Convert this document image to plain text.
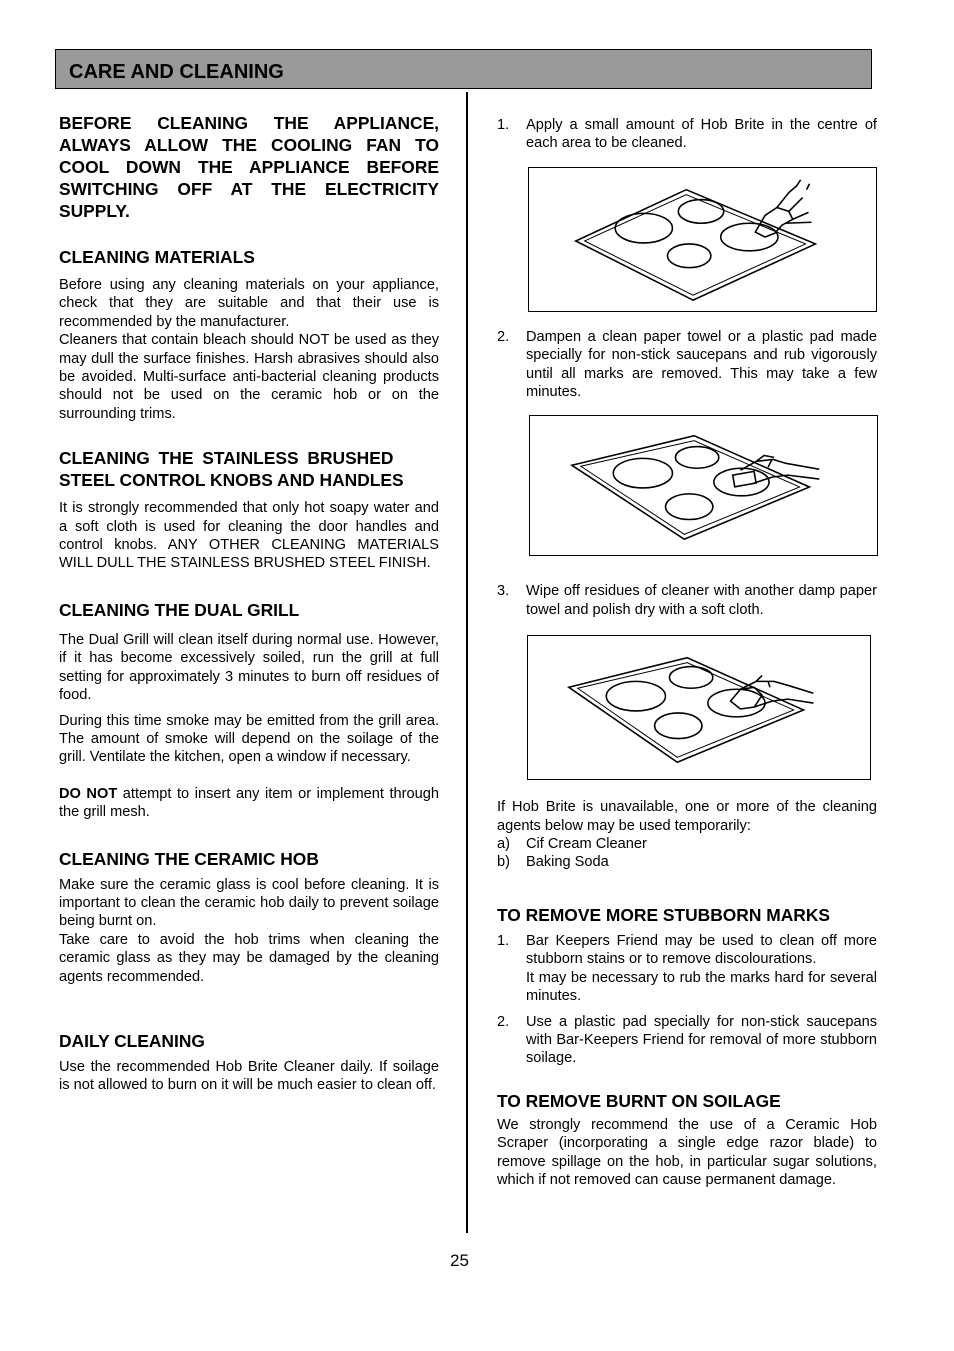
CARE AND CLEANING

BEFORE CLEANING THE APPLIANCE, ALWAYS ALLOW THE COOLING FAN TO COOL DOWN THE APPLIANCE BEFORE SWITCHING OFF AT THE ELECTRICITY SUPPLY.

CLEANING MATERIALS

Before using any cleaning materials on your appliance, check that they are suitable and that their use is recommended by the manufacturer.

Cleaners that contain bleach should NOT be used as they may dull the surface finishes. Harsh abrasives should also be avoided. Multi-surface anti-bacterial cleaning products should not be used on the ceramic hob or on the surrounding trims.

CLEANING THE STAINLESS BRUSHED
STEEL CONTROL KNOBS AND HANDLES

It is strongly recommended that only hot soapy water and a soft cloth is used for cleaning the door handles and control knobs. ANY OTHER CLEANING MATERIALS WILL DULL THE STAINLESS BRUSHED STEEL FINISH.

CLEANING THE DUAL GRILL

The Dual Grill will clean itself during normal use. However, if it has become excessively soiled, run the grill at full setting for approximately 3 minutes to burn off residues of food.

During this time smoke may be emitted from the grill area. The amount of smoke will depend on the soilage of the grill. Ventilate the kitchen, open a window if necessary.

DO NOT attempt to insert any item or implement through the grill mesh.

CLEANING THE CERAMIC HOB

Make sure the ceramic glass is cool before cleaning. It is important to clean the ceramic hob daily to prevent soilage being burnt on.

Take care to avoid the hob trims when cleaning the ceramic glass as they may be damaged by the cleaning agents recommended.

DAILY CLEANING

Use the recommended Hob Brite Cleaner daily. If soilage is not allowed to burn on it will be much easier to clean off.

1. Apply a small amount of Hob Brite in the centre of each area to be cleaned.
2. Dampen a clean paper towel or a plastic pad made specially for non-stick saucepans and rub vigorously until all marks are removed. This may take a few minutes.
3. Wipe off residues of cleaner with another damp paper towel and polish dry with a soft cloth.

If Hob Brite is unavailable, one or more of the cleaning agents below may be used temporarily:

a) Cif Cream Cleaner
b) Baking Soda
TO REMOVE MORE STUBBORN MARKS
1. Bar Keepers Friend may be used to clean off more stubborn stains or to remove discolourations.
It may be necessary to rub the marks hard for several minutes.
2. Use a plastic pad specially for non-stick saucepans with Bar-Keepers Friend for removal of more stubborn soilage.
TO REMOVE BURNT ON SOILAGE

We strongly recommend the use of a Ceramic Hob Scraper (incorporating a single edge razor blade) to remove spillage on the hob, in particular sugar solutions, which if not removed can cause permanent damage.

25
